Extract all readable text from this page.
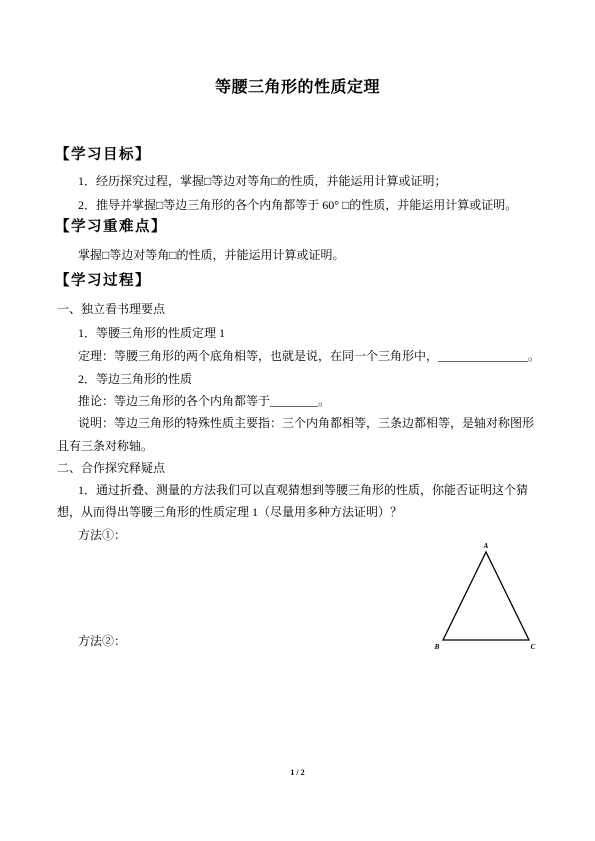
等腰三角形的性质定理
【学习目标】
1．经历探究过程，掌握□等边对等角□的性质，并能运用计算或证明；
2．推导并掌握□等边三角形的各个内角都等于 60° □的性质，并能运用计算或证明。
【学习重难点】
掌握□等边对等角□的性质，并能运用计算或证明。
【学习过程】
一、独立看书理要点
1．等腰三角形的性质定理 1
定理：等腰三角形的两个底角相等，也就是说，在同一个三角形中，_______________。
2．等边三角形的性质
推论：等边三角形的各个内角都等于________。
说明：等边三角形的特殊性质主要指：三个内角都相等，三条边都相等，是轴对称图形
且有三条对称轴。
二、合作探究释疑点
1．通过折叠、测量的方法我们可以直观猜想到等腰三角形的性质，你能否证明这个猜
想，从而得出等腰三角形的性质定理 1（尽量用多种方法证明）？
方法①：
方法②：
A
B	C
1 / 2
